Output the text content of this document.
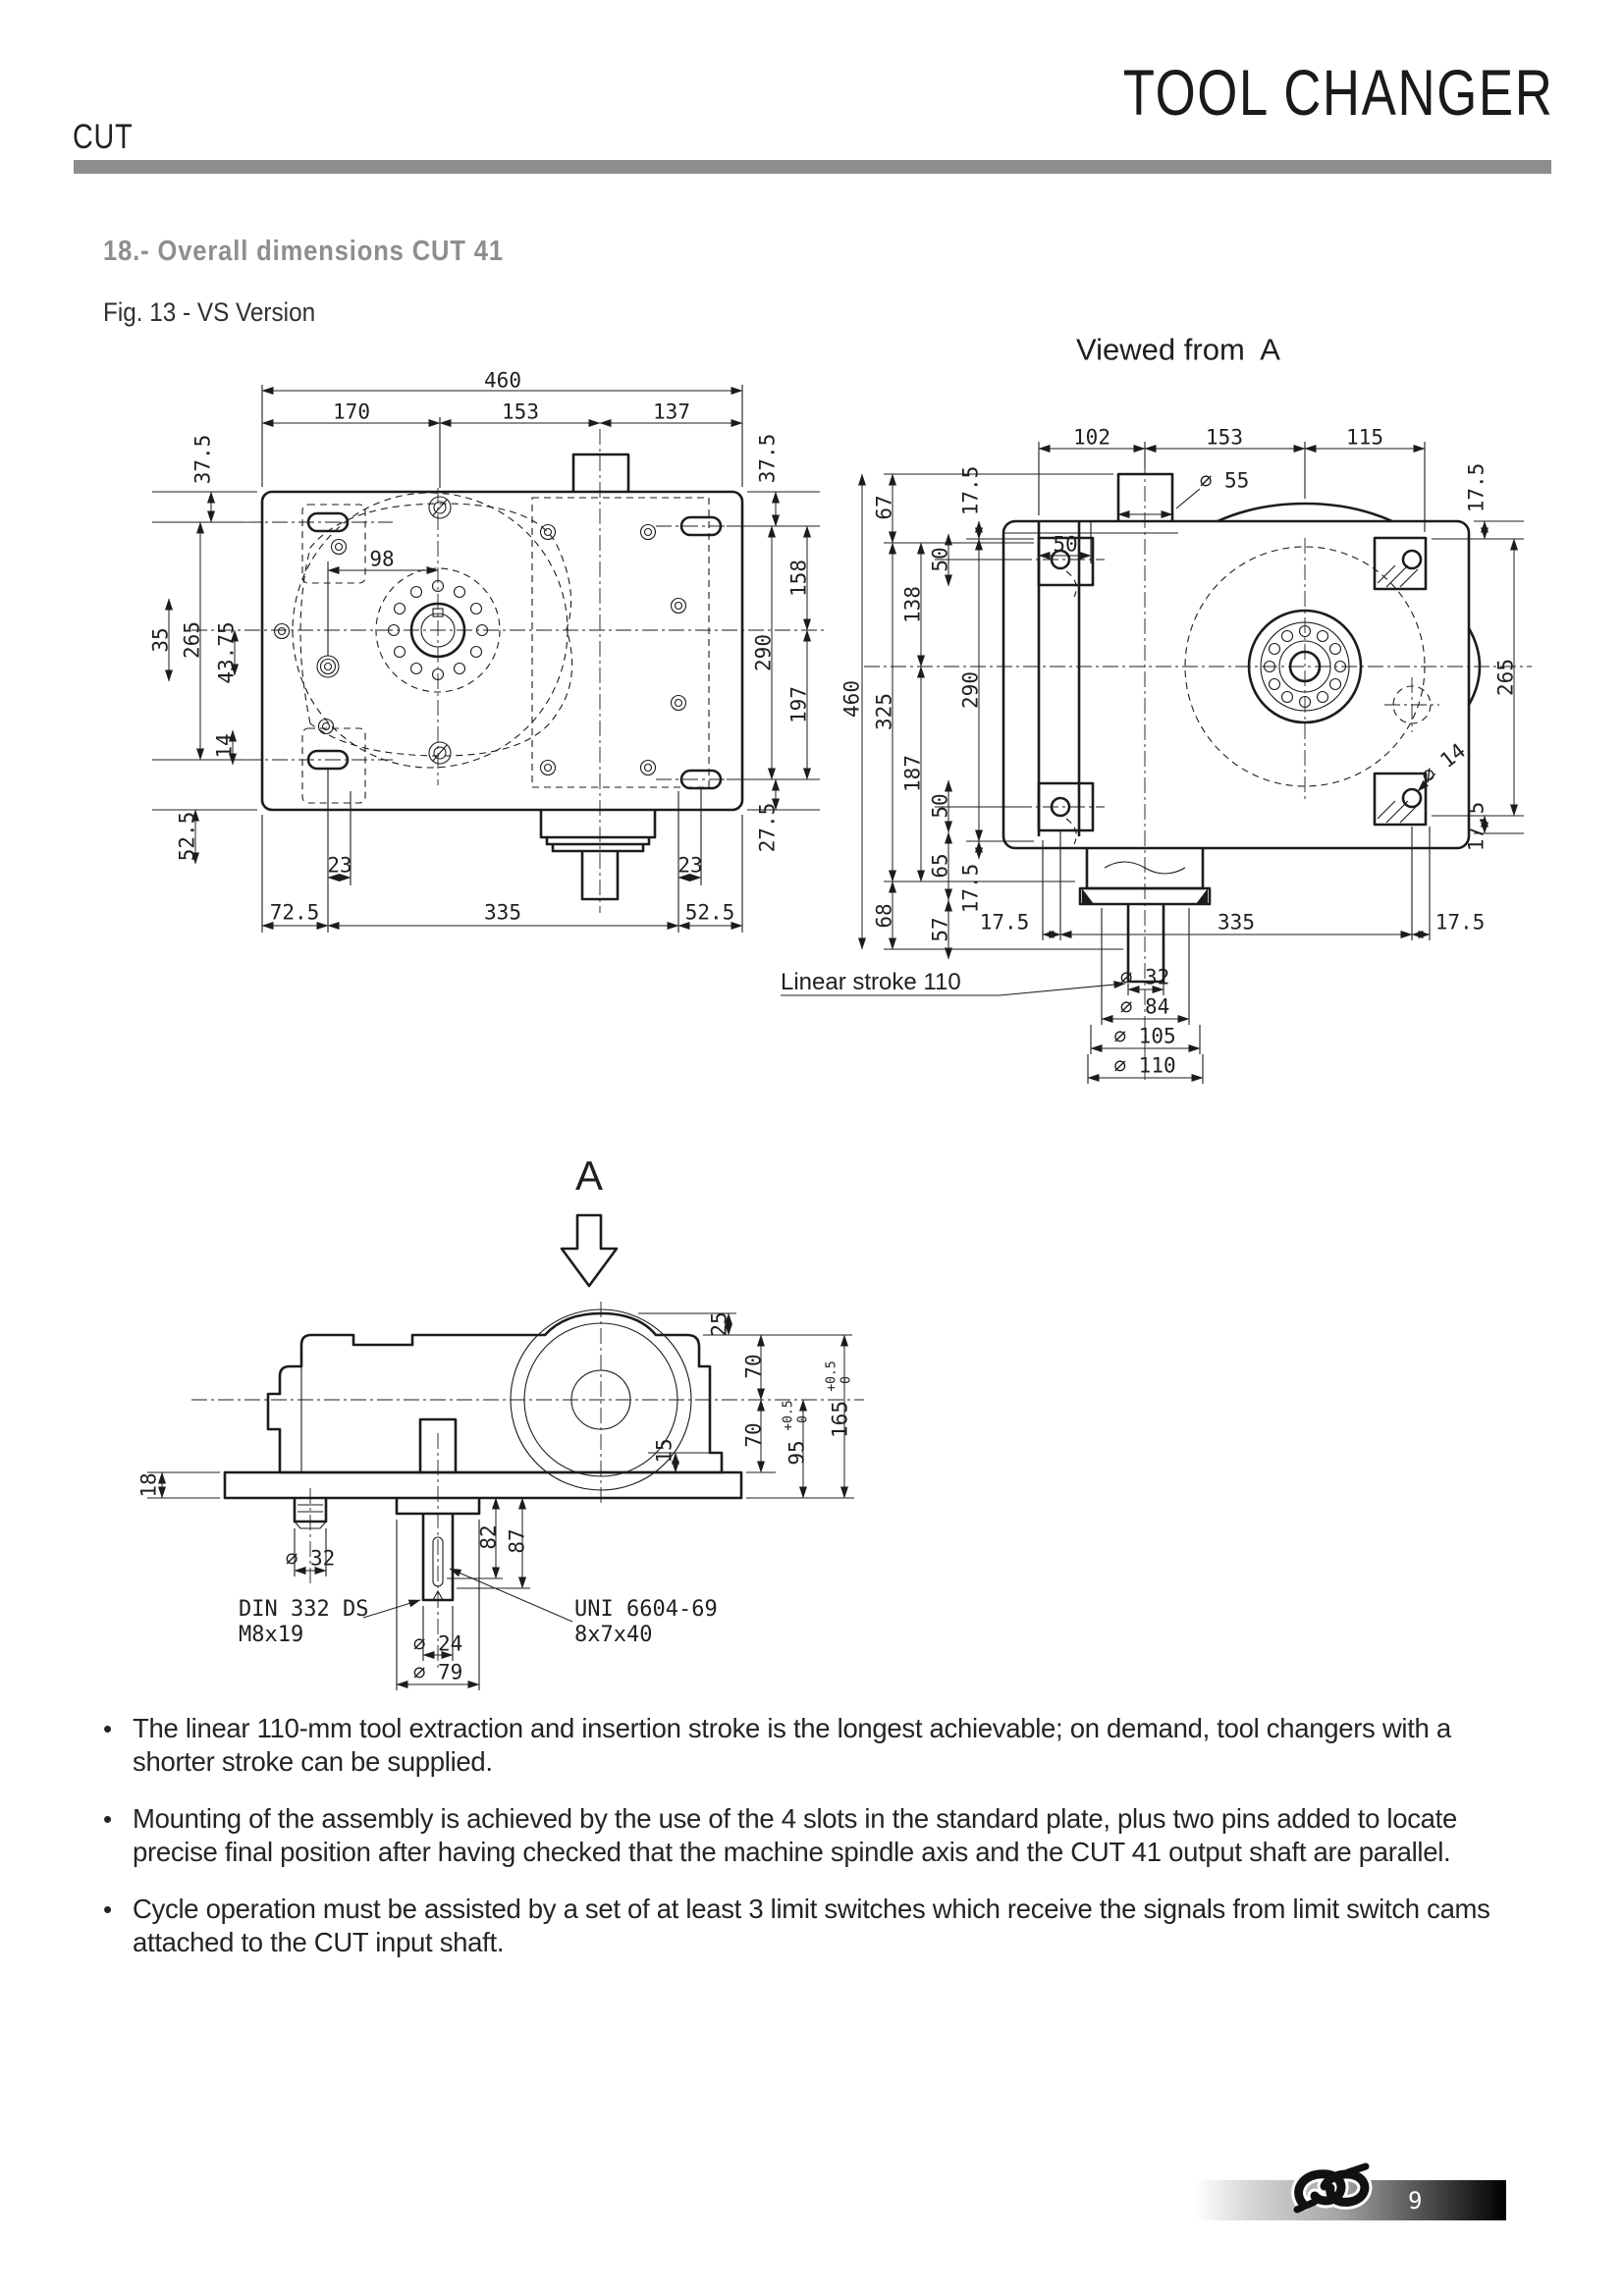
CUT
TOOL CHANGER
18.- Overall dimensions CUT 41
Fig. 13 - VS Version
460
170	153	137
37.5	37.5
98
35 265 43.75
158
290
197
14
52.5	27.5
23	23
72.5	335	52.5
Viewed from  A
102	153	115
∅ 55
50
67
325
68
460
138
187
50
50
65
57
17.5
290
17.5
17.5
265
17.5
∅ 14
17.5	335	17.5
∅ 32
∅ 84
∅ 105
∅ 110
Linear stroke 110
A
25
70
70
95
+0.5 0 165
+0.5 0
15
18
∅ 32
82 87
DIN 332 DS
M8x19
UNI 6604-69
8x7x40
∅ 24
∅ 79
• The linear 110-mm tool extraction and insertion stroke is the longest achievable; on demand, tool changers with a shorter stroke can be supplied.
• Mounting of the assembly is achieved by the use of the 4 slots in the standard plate, plus two pins added to locate precise final position after having checked that the machine spindle axis and the CUT 41 output shaft are parallel.
• Cycle operation must be assisted by a set of at least 3 limit switches which receive the signals from limit switch cams attached to the CUT input shaft.
9
